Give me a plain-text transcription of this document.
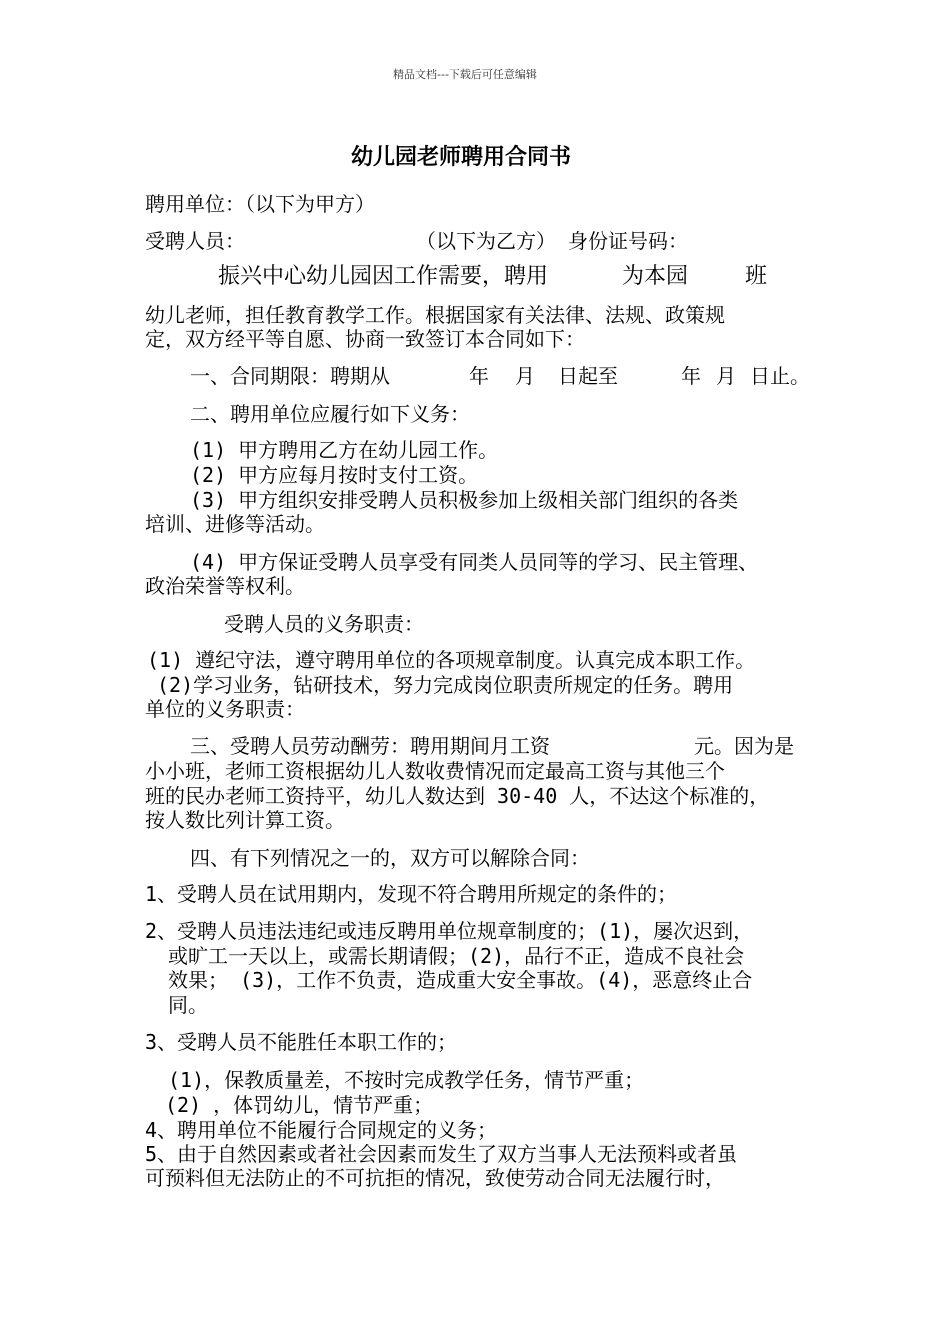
精品文档---下载后可任意编辑
幼儿园老师聘用合同书
聘用单位：（以下为甲方）
受聘人员：	（以下为乙方） 身份证号码：
振兴中心幼儿园因工作需要，聘用	为本园	班
幼儿老师，担任教育教学工作。根据国家有关法律、法规、政策规
定，双方经平等自愿、协商一致签订本合同如下：
一、合同期限：聘期从	年 月 日起至	年 月 日止。
二、聘用单位应履行如下义务：
(1) 甲方聘用乙方在幼儿园工作。
(2) 甲方应每月按时支付工资。
(3) 甲方组织安排受聘人员积极参加上级相关部门组织的各类
培训、进修等活动。
(4) 甲方保证受聘人员享受有同类人员同等的学习、民主管理、
政治荣誉等权利。
受聘人员的义务职责：
(1) 遵纪守法，遵守聘用单位的各项规章制度。认真完成本职工作。
(2)学习业务，钻研技术，努力完成岗位职责所规定的任务。聘用
单位的义务职责：
三、受聘人员劳动酬劳：聘用期间月工资	元。因为是
小小班，老师工资根据幼儿人数收费情况而定最高工资与其他三个
班的民办老师工资持平，幼儿人数达到 30-40 人，不达这个标准的，
按人数比列计算工资。
四、有下列情况之一的，双方可以解除合同：
1、受聘人员在试用期内，发现不符合聘用所规定的条件的；
2、受聘人员违法违纪或违反聘用单位规章制度的；(1)，屡次迟到，
或旷工一天以上，或需长期请假；(2)，品行不正，造成不良社会
效果； (3)，工作不负责，造成重大安全事故。(4)，恶意终止合
同。
3、受聘人员不能胜任本职工作的；
(1)，保教质量差，不按时完成教学任务，情节严重；
(2) ，体罚幼儿，情节严重；
4、聘用单位不能履行合同规定的义务；
5、由于自然因素或者社会因素而发生了双方当事人无法预料或者虽
可预料但无法防止的不可抗拒的情况，致使劳动合同无法履行时，
